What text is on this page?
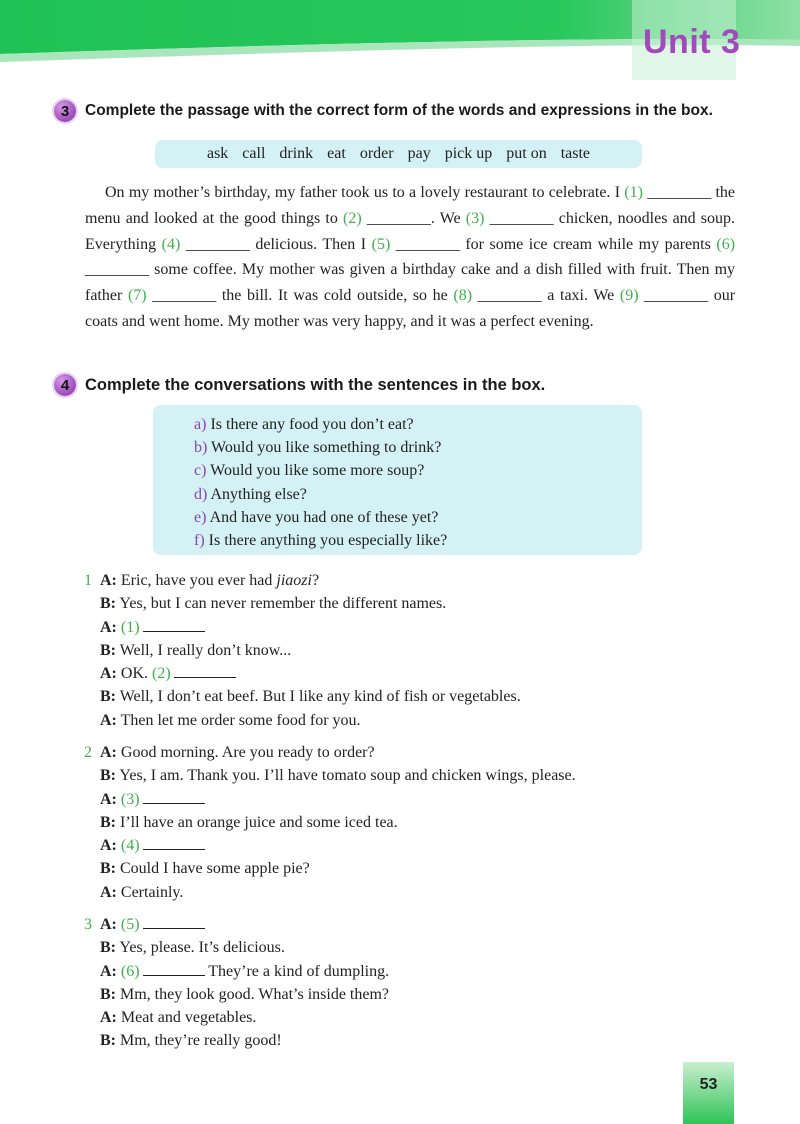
Unit 3
3	Complete the passage with the correct form of the words and expressions in the box.
ask call drink eat order pay pick up put on taste

On my mother’s birthday, my father took us to a lovely restaurant to celebrate. I (1) ________ the menu and looked at the good things to (2) ________. We (3) ________ chicken, noodles and soup. Everything (4) ________ delicious. Then I (5) ________ for some ice cream while my parents (6) ________ some coffee. My mother was given a birthday cake and a dish filled with fruit. Then my father (7) ________ the bill. It was cold outside, so he (8) ________ a taxi. We (9) ________ our coats and went home. My mother was very happy, and it was a perfect evening.

4 Complete the conversations with the sentences in the box.
a) Is there any food you don’t eat?
b) Would you like something to drink?
c) Would you like some more soup?
d) Anything else?
e) And have you had one of these yet?
f) Is there anything you especially like?
1 A: Eric, have you ever had jiaozi?
B: Yes, but I can never remember the different names.
A: (1)
B: Well, I really don’t know...
A: OK. (2)
B: Well, I don’t eat beef. But I like any kind of fish or vegetables.
A: Then let me order some food for you.
2 A: Good morning. Are you ready to order?
B: Yes, I am. Thank you. I’ll have tomato soup and chicken wings, please.
A: (3)
B: I’ll have an orange juice and some iced tea.
A: (4)
B: Could I have some apple pie?
A: Certainly.
3 A: (5)
B: Yes, please. It’s delicious.
A: (6)	They’re a kind of dumpling.
B: Mm, they look good. What’s inside them?
A: Meat and vegetables.
B: Mm, they’re really good!
53
